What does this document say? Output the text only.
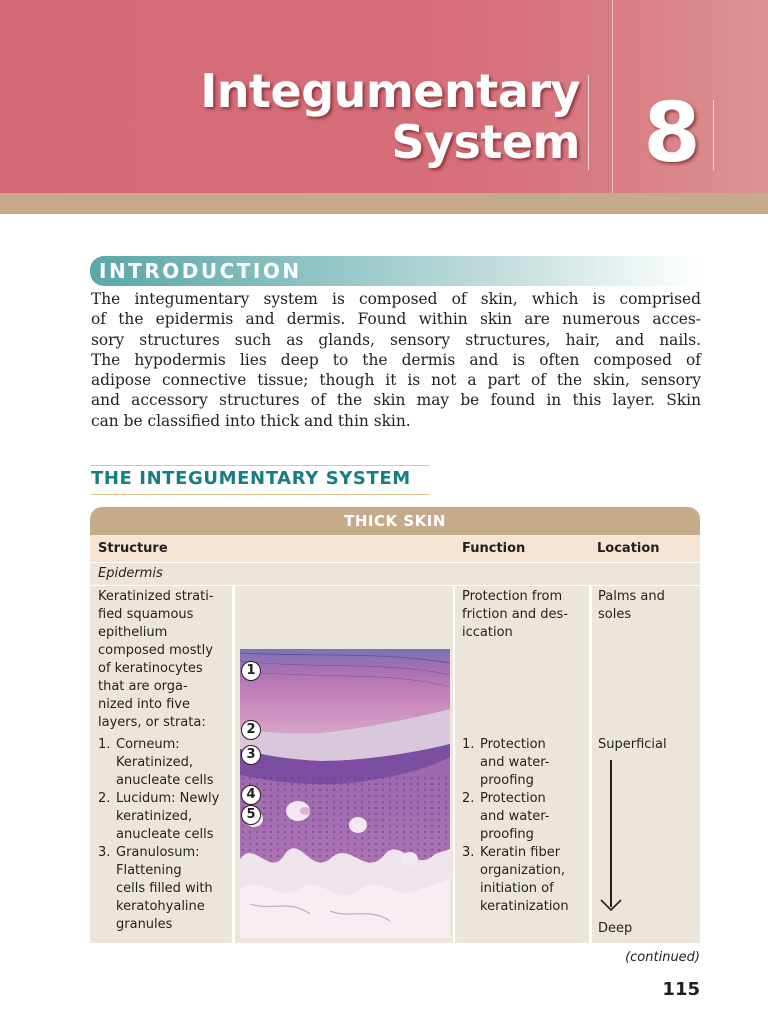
Integumentary
System 8
INTRODUCTION
The integumentary system is composed of skin, which is comprised
of the epidermis and dermis. Found within skin are numerous acces-
sory structures such as glands, sensory structures, hair, and nails.
The hypodermis lies deep to the dermis and is often composed of
adipose connective tissue; though it is not a part of the skin, sensory
and accessory structures of the skin may be found in this layer. Skin
can be classified into thick and thin skin.
THE INTEGUMENTARY SYSTEM
THICK SKIN
Structure	Function	Location
Epidermis
Keratinized strati-
fied squamous
epithelium
composed mostly
of keratinocytes
that are orga-
nized into five
layers, or strata:
1. Corneum:
Keratinized,
anucleate cells
2. Lucidum: Newly
keratinized,
anucleate cells
3. Granulosum:
Flattening
cells filled with
keratohyaline
granules
1
2
3
4
5
Protection from
friction and des-
iccation
1. Protection
and water-
proofing
2. Protection
and water-
proofing
3. Keratin fiber
organization,
initiation of
keratinization
Palms and
soles
Superficial
Deep
(continued)
115
